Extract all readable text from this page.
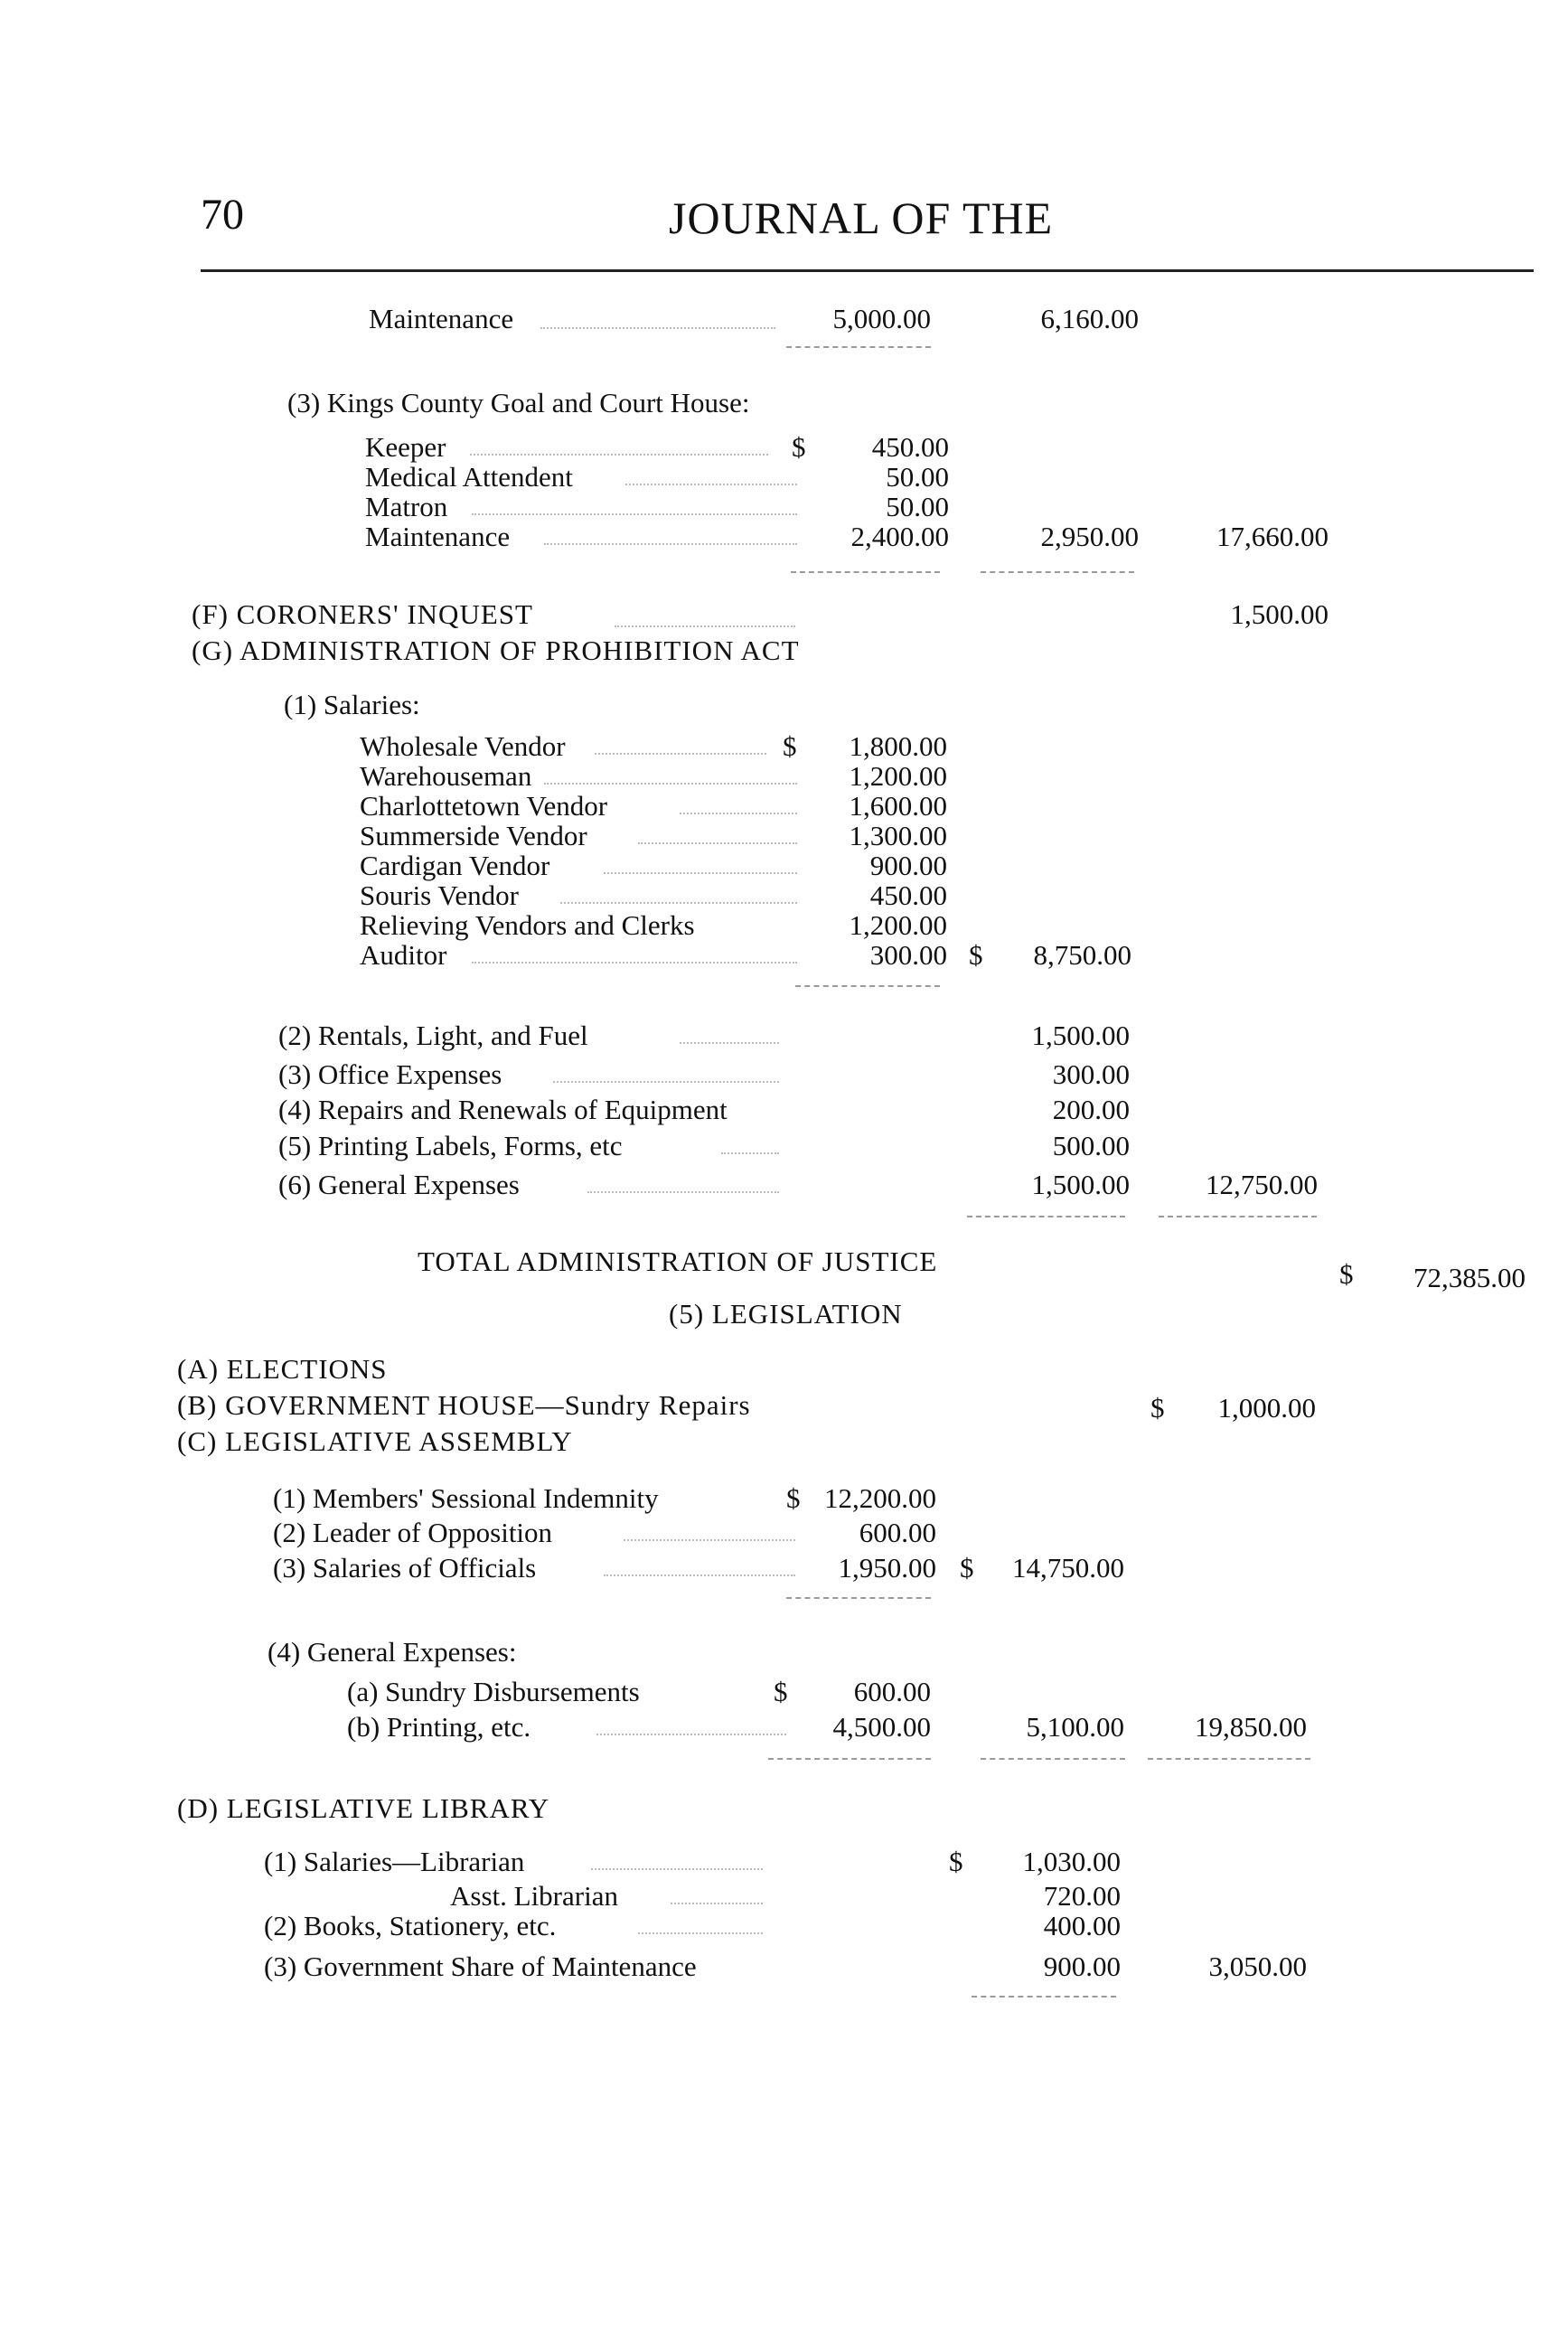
70	JOURNAL OF THE
Maintenance	5,000.00	6,160.00
(3) Kings County Goal and Court House:
Keeper	$	450.00
Medical Attendent	50.00
Matron	50.00
Maintenance	2,400.00	2,950.00	17,660.00
(F) CORONERS' INQUEST	1,500.00
(G) ADMINISTRATION OF PROHIBITION ACT
(1) Salaries:
Wholesale Vendor	$	1,800.00
Warehouseman	1,200.00
Charlottetown Vendor	1,600.00
Summerside Vendor	1,300.00
Cardigan Vendor	900.00
Souris Vendor	450.00
Relieving Vendors and Clerks	1,200.00
Auditor	300.00 $	8,750.00
(2) Rentals, Light, and Fuel	1,500.00
(3) Office Expenses	300.00
(4) Repairs and Renewals of Equipment	200.00
(5) Printing Labels, Forms, etc	500.00
(6) General Expenses	1,500.00	12,750.00
TOTAL ADMINISTRATION OF JUSTICE	$	72,385.00
(5) LEGISLATION
(A) ELECTIONS
(B) GOVERNMENT HOUSE—Sundry Repairs	$	1,000.00
(C) LEGISLATIVE ASSEMBLY
(1) Members' Sessional Indemnity	$ 12,200.00
(2) Leader of Opposition	600.00
(3) Salaries of Officials	1,950.00 $	14,750.00
(4) General Expenses:
(a) Sundry Disbursements	$	600.00
(b) Printing, etc.	4,500.00	5,100.00	19,850.00
(D) LEGISLATIVE LIBRARY
(1) Salaries—Librarian	$	1,030.00
Asst. Librarian	720.00
(2) Books, Stationery, etc.	400.00
(3) Government Share of Maintenance	900.00	3,050.00
